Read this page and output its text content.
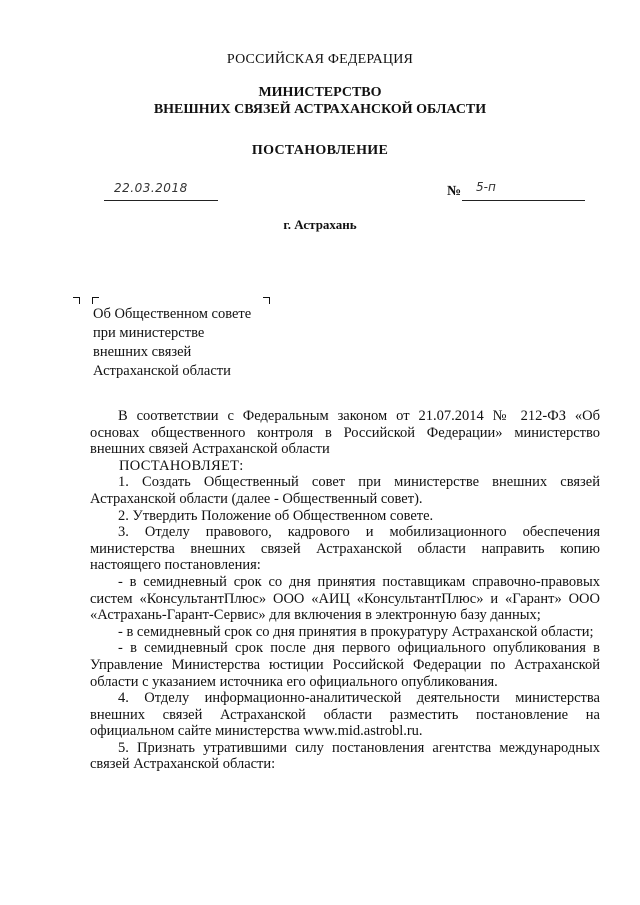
РОССИЙСКАЯ ФЕДЕРАЦИЯ
МИНИСТЕРСТВО
ВНЕШНИХ СВЯЗЕЙ АСТРАХАНСКОЙ ОБЛАСТИ
ПОСТАНОВЛЕНИЕ
22.03.2018	№ 5-п
г. Астрахань
Об Общественном совете
при министерстве
внешних связей
Астраханской области

В соответствии с Федеральным законом от 21.07.2014 № 212-ФЗ «Об основах общественного контроля в Российской Федерации» министерство внешних связей Астраханской области

ПОСТАНОВЛЯЕТ:

1. Создать Общественный совет при министерстве внешних связей Астраханской области (далее - Общественный совет).

2. Утвердить Положение об Общественном совете.

3. Отделу правового, кадрового и мобилизационного обеспечения министерства внешних связей Астраханской области направить копию настоящего постановления:

- в семидневный срок со дня принятия поставщикам справочно-правовых систем «КонсультантПлюс» ООО «АИЦ «КонсультантПлюс» и «Гарант» ООО «Астрахань-Гарант-Сервис» для включения в электронную базу данных;

- в семидневный срок со дня принятия в прокуратуру Астраханской области;

- в семидневный срок после дня первого официального опубликования в Управление Министерства юстиции Российской Федерации по Астраханской области с указанием источника его официального опубликования.

4. Отделу информационно-аналитической деятельности министерства внешних связей Астраханской области разместить постановление на официальном сайте министерства www.mid.astrobl.ru.

5. Признать утратившими силу постановления агентства международных связей Астраханской области:
